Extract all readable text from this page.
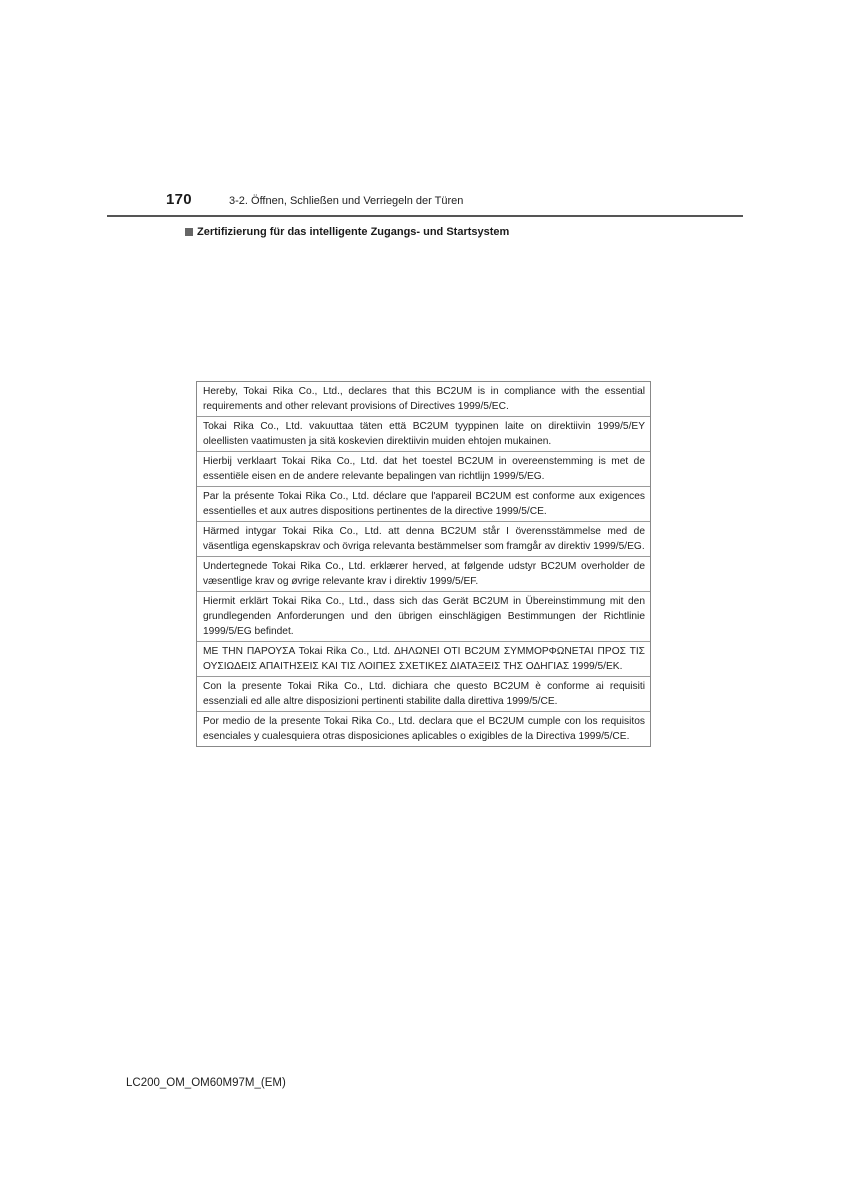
170	3-2. Öffnen, Schließen und Verriegeln der Türen
Zertifizierung für das intelligente Zugangs- und Startsystem
Hereby, Tokai Rika Co., Ltd., declares that this BC2UM is in compliance with the essential requirements and other relevant provisions of Directives 1999/5/EC.
Tokai Rika Co., Ltd. vakuuttaa täten että BC2UM tyyppinen laite on direktiivin 1999/5/EY oleellisten vaatimusten ja sitä koskevien direktiivin muiden ehtojen mukainen.
Hierbij verklaart Tokai Rika Co., Ltd. dat het toestel BC2UM in overeenstemming is met de essentiële eisen en de andere relevante bepalingen van richtlijn 1999/5/EG.
Par la présente Tokai Rika Co., Ltd. déclare que l'appareil BC2UM est conforme aux exigences essentielles et aux autres dispositions pertinentes de la directive 1999/5/CE.
Härmed intygar Tokai Rika Co., Ltd. att denna BC2UM står I överensstämmelse med de väsentliga egenskapskrav och övriga relevanta bestämmelser som framgår av direktiv 1999/5/EG.
Undertegnede Tokai Rika Co., Ltd. erklærer herved, at følgende udstyr BC2UM overholder de væsentlige krav og øvrige relevante krav i direktiv 1999/5/EF.
Hiermit erklärt Tokai Rika Co., Ltd., dass sich das Gerät BC2UM in Übereinstimmung mit den grundlegenden Anforderungen und den übrigen einschlägigen Bestimmungen der Richtlinie 1999/5/EG befindet.
ΜΕ ΤΗΝ ΠΑΡΟΥΣΑ Tokai Rika Co., Ltd. ΔΗΛΩΝΕΙ ΟΤΙ BC2UM ΣΥΜΜΟΡΦΩΝΕΤΑΙ ΠΡΟΣ ΤΙΣ ΟΥΣΙΩΔΕΙΣ ΑΠΑΙΤΗΣΕΙΣ ΚΑΙ ΤΙΣ ΛΟΙΠΕΣ ΣΧΕΤΙΚΕΣ ΔΙΑΤΑΞΕΙΣ ΤΗΣ ΟΔΗΓΙΑΣ 1999/5/ΕΚ.
Con la presente Tokai Rika Co., Ltd. dichiara che questo BC2UM è conforme ai requisiti essenziali ed alle altre disposizioni pertinenti stabilite dalla direttiva 1999/5/CE.
Por medio de la presente Tokai Rika Co., Ltd. declara que el BC2UM cumple con los requisitos esenciales y cualesquiera otras disposiciones aplicables o exigibles de la Directiva 1999/5/CE.
LC200_OM_OM60M97M_(EM)
